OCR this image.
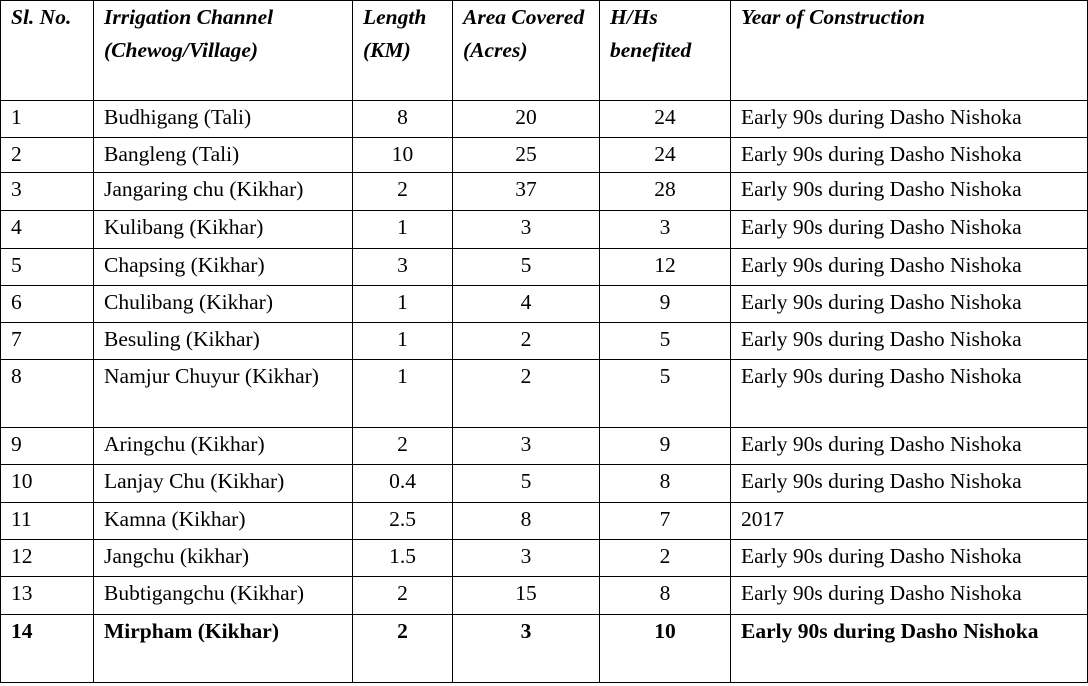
Sl. No.	Irrigation Channel (Chewog/Village)	Length (KM)	Area Covered (Acres)	H/Hs benefited	Year of Construction
1	Budhigang (Tali)	8	20	24	Early 90s during Dasho Nishoka
2	Bangleng (Tali)	10	25	24	Early 90s during Dasho Nishoka
3	Jangaring chu (Kikhar)	2	37	28	Early 90s during Dasho Nishoka
4	Kulibang (Kikhar)	1	3	3	Early 90s during Dasho Nishoka
5	Chapsing (Kikhar)	3	5	12	Early 90s during Dasho Nishoka
6	Chulibang (Kikhar)	1	4	9	Early 90s during Dasho Nishoka
7	Besuling (Kikhar)	1	2	5	Early 90s during Dasho Nishoka
8	Namjur Chuyur (Kikhar)	1	2	5	Early 90s during Dasho Nishoka
9	Aringchu (Kikhar)	2	3	9	Early 90s during Dasho Nishoka
10	Lanjay Chu (Kikhar)	0.4	5	8	Early 90s during Dasho Nishoka
11	Kamna (Kikhar)	2.5	8	7	2017
12	Jangchu (kikhar)	1.5	3	2	Early 90s during Dasho Nishoka
13	Bubtigangchu (Kikhar)	2	15	8	Early 90s during Dasho Nishoka
14	Mirpham (Kikhar)	2	3	10	Early 90s during Dasho Nishoka
